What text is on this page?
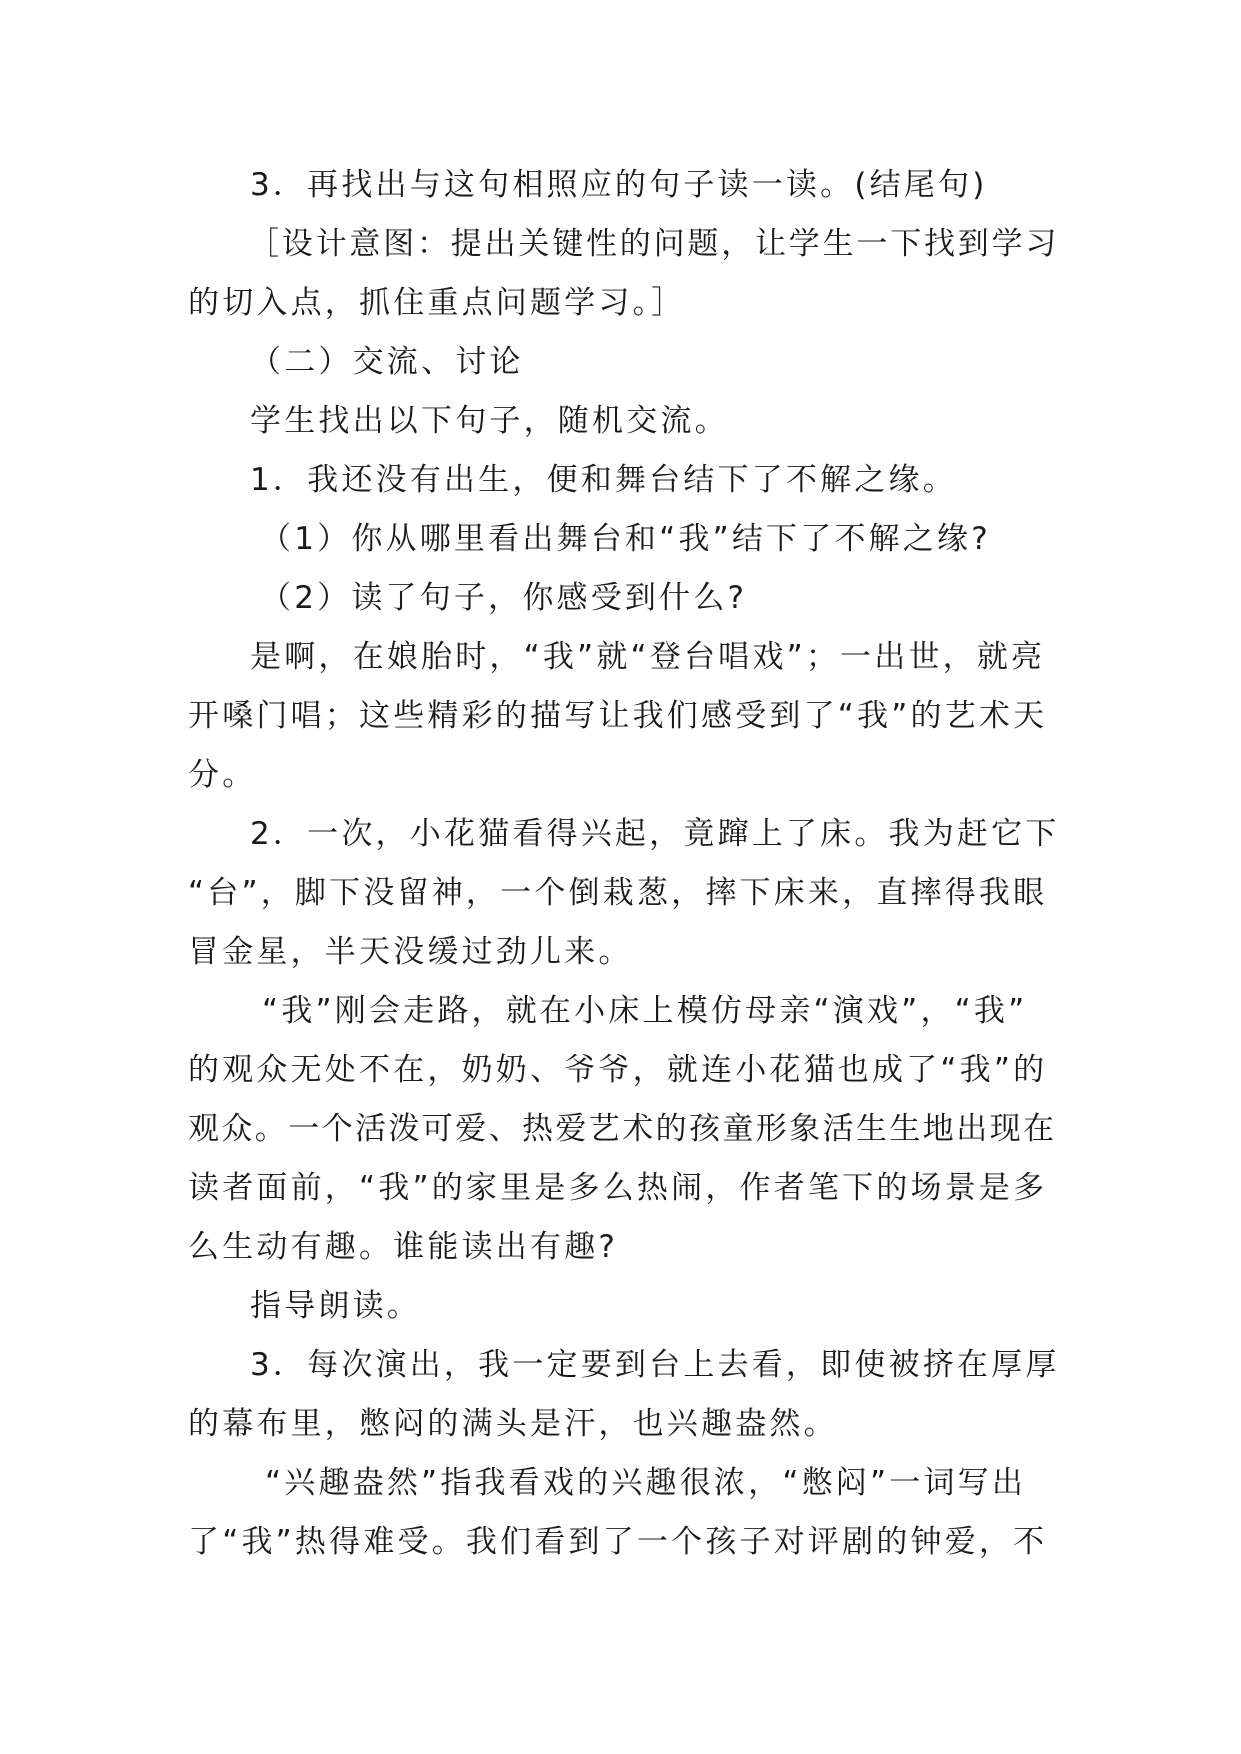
3．再找出与这句相照应的句子读一读。(结尾句)
［设计意图：提出关键性的问题，让学生一下找到学习
的切入点，抓住重点问题学习。］
（二）交流、讨论
学生找出以下句子，随机交流。
1．我还没有出生，便和舞台结下了不解之缘。
（1）你从哪里看出舞台和“我”结下了不解之缘?
（2）读了句子，你感受到什么?
是啊，在娘胎时，“我”就“登台唱戏”；一出世，就亮
开嗓门唱；这些精彩的描写让我们感受到了“我”的艺术天
分。
2．一次，小花猫看得兴起，竟蹿上了床。我为赶它下
“台”，脚下没留神，一个倒栽葱，摔下床来，直摔得我眼
冒金星，半天没缓过劲儿来。
“我”刚会走路，就在小床上模仿母亲“演戏”，“我”
的观众无处不在，奶奶、爷爷，就连小花猫也成了“我”的
观众。一个活泼可爱、热爱艺术的孩童形象活生生地出现在
读者面前，“我”的家里是多么热闹，作者笔下的场景是多
么生动有趣。谁能读出有趣?
指导朗读。
3．每次演出，我一定要到台上去看，即使被挤在厚厚
的幕布里，憋闷的满头是汗，也兴趣盎然。
“兴趣盎然”指我看戏的兴趣很浓，“憋闷”一词写出
了“我”热得难受。我们看到了一个孩子对评剧的钟爱，不
